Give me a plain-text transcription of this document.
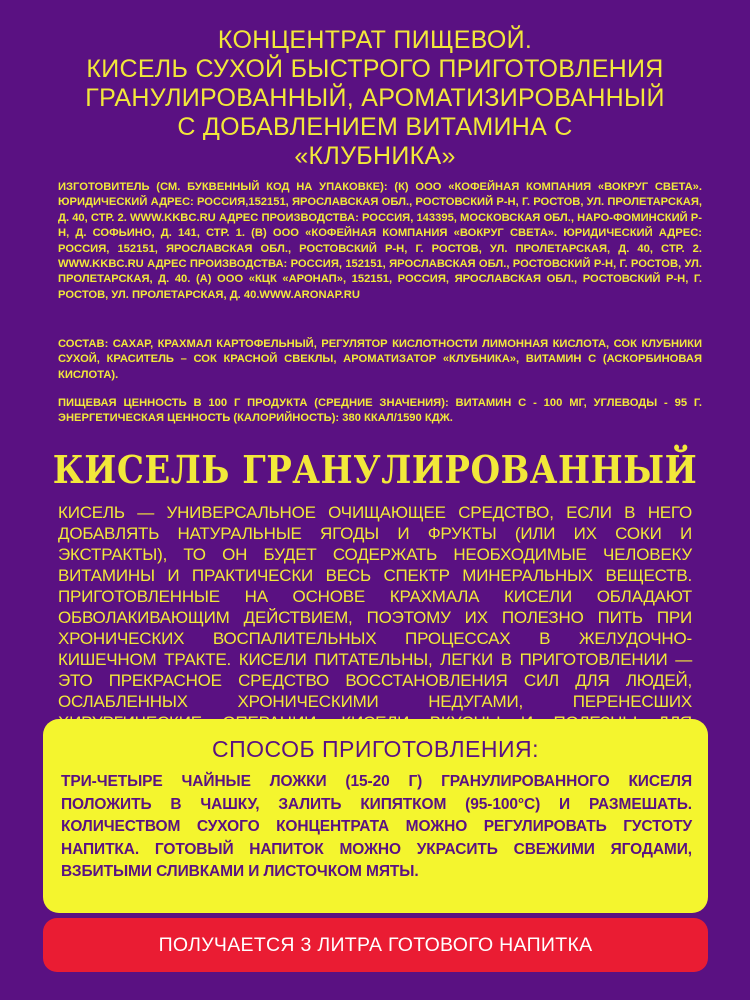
КОНЦЕНТРАТ ПИЩЕВОЙ.
КИСЕЛЬ СУХОЙ БЫСТРОГО ПРИГОТОВЛЕНИЯ
ГРАНУЛИРОВАННЫЙ, АРОМАТИЗИРОВАННЫЙ
С ДОБАВЛЕНИЕМ ВИТАМИНА С
«КЛУБНИКА»
ИЗГОТОВИТЕЛЬ (СМ. БУКВЕННЫЙ КОД НА УПАКОВКЕ): (К) ООО «КОФЕЙНАЯ КОМПАНИЯ «ВОКРУГ СВЕТА». ЮРИДИЧЕСКИЙ АДРЕС: РОССИЯ,152151, ЯРОСЛАВСКАЯ ОБЛ., РОСТОВСКИЙ Р-Н, Г. РОСТОВ, УЛ. ПРОЛЕТАРСКАЯ, Д. 40, СТР. 2. WWW.KKBC.RU АДРЕС ПРОИЗВОДСТВА: РОССИЯ, 143395, МОСКОВСКАЯ ОБЛ., НАРО-ФОМИНСКИЙ Р-Н, Д. СОФЬИНО, Д. 141, СТР. 1. (В) ООО «КОФЕЙНАЯ КОМПАНИЯ «ВОКРУГ СВЕТА». ЮРИДИЧЕСКИЙ АДРЕС: РОССИЯ, 152151, ЯРОСЛАВСКАЯ ОБЛ., РОСТОВСКИЙ Р-Н, Г. РОСТОВ, УЛ. ПРОЛЕТАРСКАЯ, Д. 40, СТР. 2. WWW.KKBC.RU АДРЕС ПРОИЗВОДСТВА: РОССИЯ, 152151, ЯРОСЛАВСКАЯ ОБЛ., РОСТОВСКИЙ Р-Н, Г. РОСТОВ, УЛ. ПРОЛЕТАРСКАЯ, Д. 40. (А) ООО «КЦК «АРОНАП», 152151, РОССИЯ, ЯРОСЛАВСКАЯ ОБЛ., РОСТОВСКИЙ Р-Н, Г. РОСТОВ, УЛ. ПРОЛЕТАРСКАЯ, Д. 40.WWW.ARONAP.RU
СОСТАВ: САХАР, КРАХМАЛ КАРТОФЕЛЬНЫЙ, РЕГУЛЯТОР КИСЛОТНОСТИ ЛИМОННАЯ КИСЛОТА, СОК КЛУБНИКИ СУХОЙ, КРАСИТЕЛЬ – СОК КРАСНОЙ СВЕКЛЫ, АРОМАТИЗАТОР «КЛУБНИКА», ВИТАМИН С (АСКОРБИНОВАЯ КИСЛОТА).
ПИЩЕВАЯ ЦЕННОСТЬ В 100 Г ПРОДУКТА (СРЕДНИЕ ЗНАЧЕНИЯ): ВИТАМИН С - 100 МГ, УГЛЕВОДЫ - 95 Г. ЭНЕРГЕТИЧЕСКАЯ ЦЕННОСТЬ (КАЛОРИЙНОСТЬ): 380 ККАЛ/1590 КДЖ.
КИСЕЛЬ ГРАНУЛИРОВАННЫЙ
КИСЕЛЬ — УНИВЕРСАЛЬНОЕ ОЧИЩАЮЩЕЕ СРЕДСТВО, ЕСЛИ В НЕГО ДОБАВЛЯТЬ НАТУРАЛЬНЫЕ ЯГОДЫ И ФРУКТЫ (ИЛИ ИХ СОКИ И ЭКСТРАКТЫ), ТО ОН БУДЕТ СОДЕРЖАТЬ НЕОБХОДИМЫЕ ЧЕЛОВЕКУ ВИТАМИНЫ И ПРАКТИЧЕСКИ ВЕСЬ СПЕКТР МИНЕРАЛЬНЫХ ВЕЩЕСТВ. ПРИГОТОВЛЕННЫЕ НА ОСНОВЕ КРАХМАЛА КИСЕЛИ ОБЛАДАЮТ ОБВОЛАКИВАЮЩИМ ДЕЙСТВИЕМ, ПОЭТОМУ ИХ ПОЛЕЗНО ПИТЬ ПРИ ХРОНИЧЕСКИХ ВОСПАЛИТЕЛЬНЫХ ПРОЦЕССАХ В ЖЕЛУДОЧНО-КИШЕЧНОМ ТРАКТЕ. КИСЕЛИ ПИТАТЕЛЬНЫ, ЛЕГКИ В ПРИГОТОВЛЕНИИ — ЭТО ПРЕКРАСНОЕ СРЕДСТВО ВОССТАНОВЛЕНИЯ СИЛ ДЛЯ ЛЮДЕЙ, ОСЛАБЛЕННЫХ ХРОНИЧЕСКИМИ НЕДУГАМИ, ПЕРЕНЕСШИХ
СПОСОБ ПРИГОТОВЛЕНИЯ:
ТРИ-ЧЕТЫРЕ ЧАЙНЫЕ ЛОЖКИ (15-20 Г) ГРАНУЛИРОВАННОГО КИСЕЛЯ ПОЛОЖИТЬ В ЧАШКУ, ЗАЛИТЬ КИПЯТКОМ (95-100°С) И РАЗМЕШАТЬ. КОЛИЧЕСТВОМ СУХОГО КОНЦЕНТРАТА МОЖНО РЕГУЛИРОВАТЬ ГУСТОТУ НАПИТКА. ГОТОВЫЙ НАПИТОК МОЖНО УКРАСИТЬ СВЕЖИМИ ЯГОДАМИ, ВЗБИТЫМИ СЛИВКАМИ И ЛИСТОЧКОМ МЯТЫ.
ПОЛУЧАЕТСЯ 3 ЛИТРА ГОТОВОГО НАПИТКА
